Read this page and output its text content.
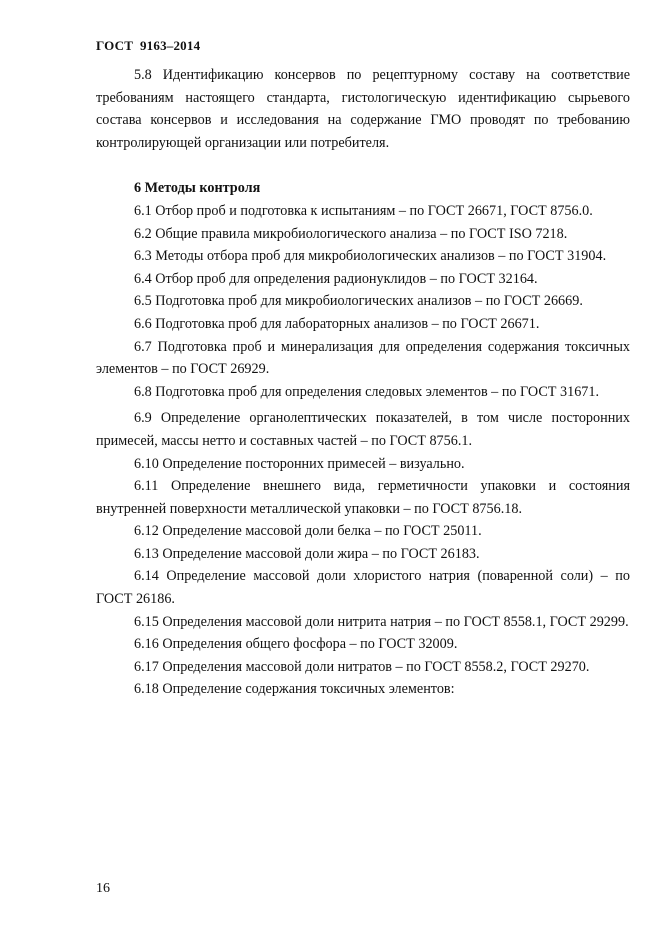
ГОСТ  9163–2014

5.8 Идентификацию консервов по рецептурному составу на соответствие требованиям настоящего стандарта, гистологическую идентификацию сырьевого состава консервов и исследования на содержание ГМО проводят по требованию контролирующей организации или потребителя.

6 Методы контроля

6.1 Отбор проб и подготовка к испытаниям – по ГОСТ 26671, ГОСТ 8756.0.

6.2 Общие правила микробиологического анализа – по ГОСТ ISO 7218.

6.3 Методы отбора проб для микробиологических анализов – по ГОСТ 31904.

6.4 Отбор проб для определения радионуклидов – по ГОСТ 32164.

6.5 Подготовка проб для микробиологических анализов – по ГОСТ 26669.

6.6 Подготовка проб для лабораторных анализов – по ГОСТ 26671.

6.7 Подготовка проб и минерализация для определения содержания токсичных элементов – по ГОСТ 26929.

6.8 Подготовка проб для определения следовых элементов – по ГОСТ 31671.

6.9 Определение органолептических показателей, в том числе посторонних примесей, массы нетто и составных частей – по ГОСТ 8756.1.

6.10 Определение посторонних примесей – визуально.

6.11 Определение внешнего вида, герметичности упаковки и состояния внутренней поверхности металлической упаковки – по ГОСТ 8756.18.

6.12 Определение массовой доли белка – по ГОСТ 25011.

6.13 Определение массовой доли жира – по ГОСТ 26183.

6.14 Определение массовой доли хлористого натрия (поваренной соли) – по ГОСТ 26186.

6.15 Определения массовой доли нитрита натрия – по ГОСТ 8558.1, ГОСТ 29299.

6.16 Определения общего фосфора – по ГОСТ 32009.

6.17 Определения массовой доли нитратов – по ГОСТ 8558.2, ГОСТ 29270.

6.18 Определение содержания токсичных элементов:

16
